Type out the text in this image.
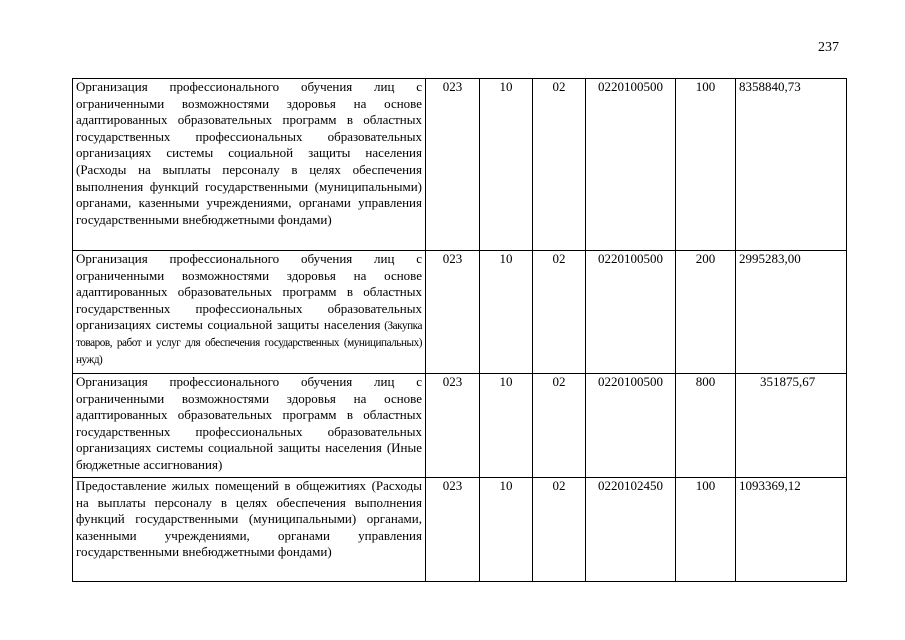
237
Организация профессионального обучения лиц с ограниченными возможностями здоровья на основе адаптированных образовательных программ в областных государственных профессиональных образовательных организациях системы социальной защиты населения (Расходы на выплаты персоналу в целях обеспечения выполнения функций государственными (муниципальными) органами, казенными учреждениями, органами управления государственными внебюджетными фондами)	023	10	02	0220100500	100	8358840,73
Организация профессионального обучения лиц с ограниченными возможностями здоровья на основе адаптированных образовательных программ в областных государственных профессиональных образовательных организациях системы социальной защиты населения (Закупка товаров, работ и услуг для обеспечения государственных (муниципальных) нужд)	023	10	02	0220100500	200	2995283,00
Организация профессионального обучения лиц с ограниченными возможностями здоровья на основе адаптированных образовательных программ в областных государственных профессиональных образовательных организациях системы социальной защиты населения (Иные бюджетные ассигнования)	023	10	02	0220100500	800	351875,67
Предоставление жилых помещений в общежитиях (Расходы на выплаты персоналу в целях обеспечения выполнения функций государственными (муниципальными) органами, казенными учреждениями, органами управления государственными внебюджетными фондами)	023	10	02	0220102450	100	1093369,12
